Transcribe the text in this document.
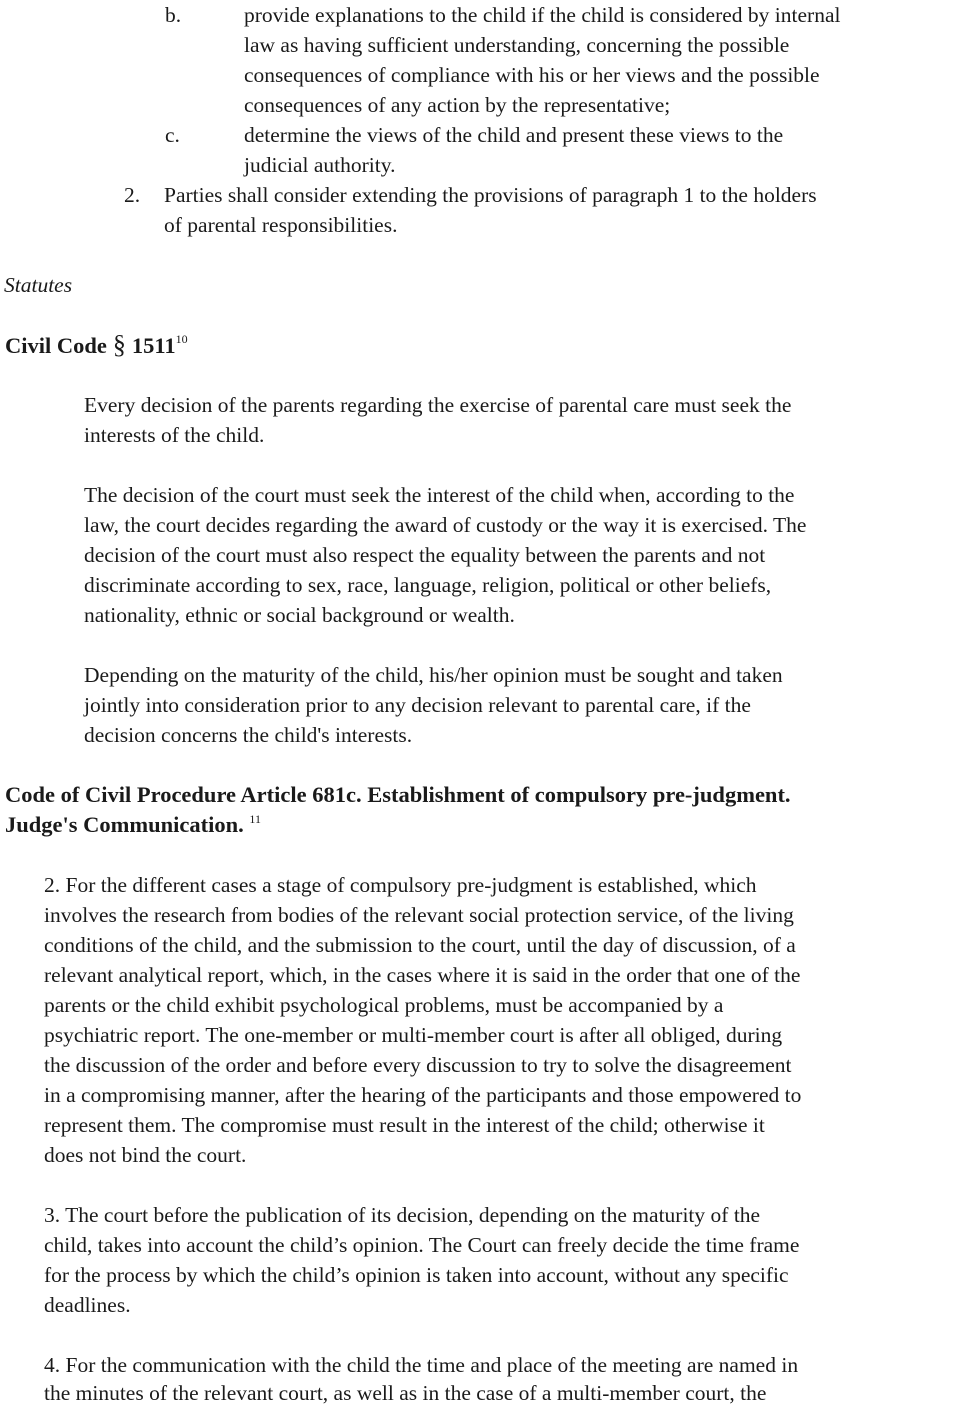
b.	provide explanations to the child if the child is considered by internal
law as having sufficient understanding, concerning the possible
consequences of compliance with his or her views and the possible
consequences of any action by the representative;
c.	determine the views of the child and present these views to the
judicial authority.
2. Parties shall consider extending the provisions of paragraph 1 to the holders
of parental responsibilities.
Statutes
Civil Code § 1511$^{10}$
Every decision of the parents regarding the exercise of parental care must seek the
interests of the child.
The decision of the court must seek the interest of the child when, according to the
law, the court decides regarding the award of custody or the way it is exercised. The
decision of the court must also respect the equality between the parents and not
discriminate according to sex, race, language, religion, political or other beliefs,
nationality, ethnic or social background or wealth.
Depending on the maturity of the child, his/her opinion must be sought and taken
jointly into consideration prior to any decision relevant to parental care, if the
decision concerns the child's interests.
Code of Civil Procedure Article 681c. Establishment of compulsory pre-judgment.
Judge's Communication. $^{11}$
2. For the different cases a stage of compulsory pre-judgment is established, which
involves the research from bodies of the relevant social protection service, of the living
conditions of the child, and the submission to the court, until the day of discussion, of a
relevant analytical report, which, in the cases where it is said in the order that one of the
parents or the child exhibit psychological problems, must be accompanied by a
psychiatric report. The one-member or multi-member court is after all obliged, during
the discussion of the order and before every discussion to try to solve the disagreement
in a compromising manner, after the hearing of the participants and those empowered to
represent them. The compromise must result in the interest of the child; otherwise it
does not bind the court.
3. The court before the publication of its decision, depending on the maturity of the
child, takes into account the child’s opinion. The Court can freely decide the time frame
for the process by which the child’s opinion is taken into account, without any specific
deadlines.
4. For the communication with the child the time and place of the meeting are named in
the minutes of the relevant court, as well as in the case of a multi-member court, the
